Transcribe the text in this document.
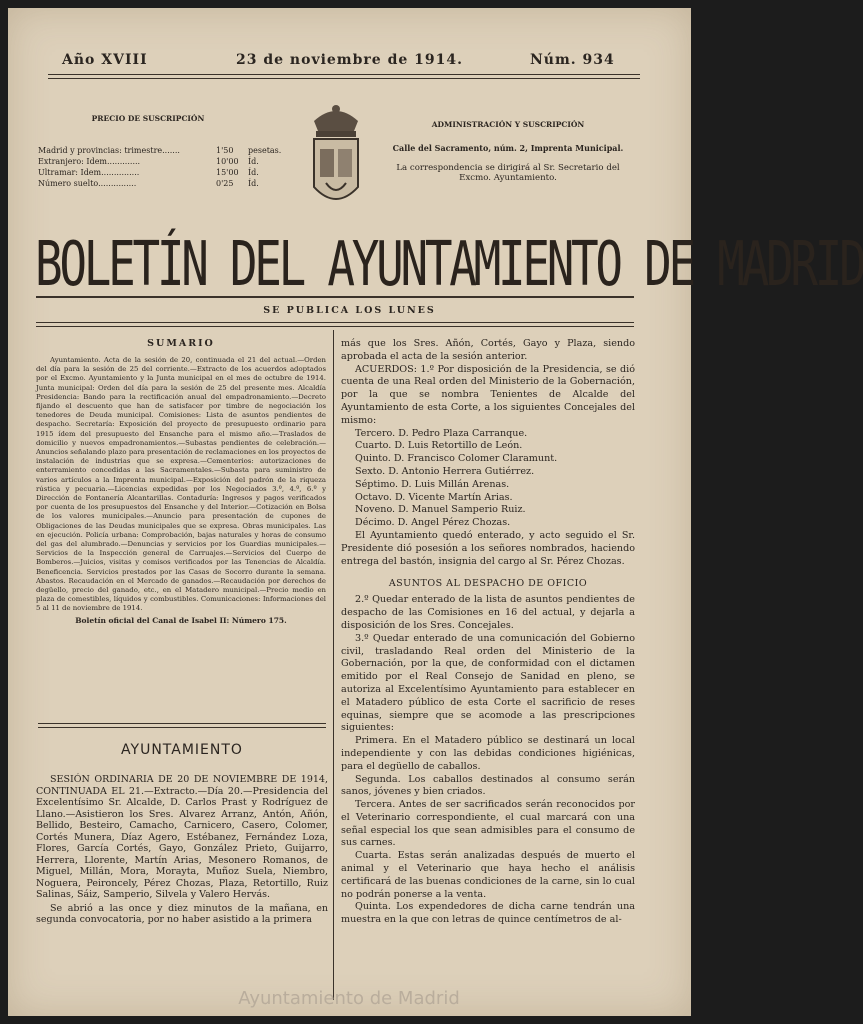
Año XVIII	23 de noviembre de 1914.	Núm. 934
PRECIO DE SUSCRIPCIÓN
Madrid y provincias: trimestre.......	1'50 pesetas.
Extranjero: Idem.............	10'00 Íd.
Ultramar: Idem...............	15'00 Íd.
Número suelto...............	0'25 Íd.
ADMINISTRACIÓN Y SUSCRIPCIÓN
Calle del Sacramento, núm. 2, Imprenta Municipal.
La correspondencia se dirigirá al Sr. Secretario del Excmo. Ayuntamiento.
BOLETÍN DEL AYUNTAMIENTO DE MADRID
SE PUBLICA LOS LUNES
SUMARIO

Ayuntamiento. Acta de la sesión de 20, continuada el 21 del actual.—Orden del día para la sesión de 25 del corriente.—Extracto de los acuerdos adoptados por el Excmo. Ayuntamiento y la Junta municipal en el mes de octubre de 1914. Junta municipal: Orden del día para la sesión de 25 del presente mes. Alcaldía Presidencia: Bando para la rectificación anual del empadronamiento.—Decreto fijando el descuento que han de satisfacer por timbre de negociación los tenedores de Deuda municipal. Comisiones: Lista de asuntos pendientes de despacho. Secretaría: Exposición del proyecto de presupuesto ordinario para 1915 ídem del presupuesto del Ensanche para el mismo año.—Traslados de domicilio y nuevos empadronamientos.—Subastas pendientes de celebración.—Anuncios señalando plazo para presentación de reclamaciones en los proyectos de instalación de industrias que se expresa.—Cementerios: autorizaciones de enterramiento concedidas a las Sacramentales.—Subasta para suministro de varios artículos a la Imprenta municipal.—Exposición del padrón de la riqueza rústica y pecuaria.—Licencias expedidas por los Negociados 3.º, 4.º, 6.º y Dirección de Fontanería Alcantarillas. Contaduría: Ingresos y pagos verificados por cuenta de los presupuestos del Ensanche y del Interior.—Cotización en Bolsa de los valores municipales.—Anuncio para presentación de cupones de Obligaciones de las Deudas municipales que se expresa. Obras municipales. Las en ejecución. Policía urbana: Comprobación, bajas naturales y horas de consumo del gas del alumbrado.—Denuncias y servicios por los Guardias municipales.—Servicios de la Inspección general de Carruajes.—Servicios del Cuerpo de Bomberos.—Juicios, visitas y comisos verificados por las Tenencias de Alcaldía. Beneficencia. Servicios prestados por las Casas de Socorro durante la semana. Abastos. Recaudación en el Mercado de ganados.—Recaudación por derechos de degüello, precio del ganado, etc., en el Matadero municipal.—Precio medio en plaza de comestibles, líquidos y combustibles. Comunicaciones: Informaciones del 5 al 11 de noviembre de 1914.

Boletín oficial del Canal de Isabel II: Número 175.

AYUNTAMIENTO

SESIÓN ORDINARIA DE 20 DE NOVIEMBRE DE 1914, CONTINUADA EL 21.—Extracto.—Día 20.—Presidencia del Excelentísimo Sr. Alcalde, D. Carlos Prast y Rodríguez de Llano.—Asistieron los Sres. Alvarez Arranz, Antón, Añón, Bellido, Besteiro, Camacho, Carnicero, Casero, Colomer, Cortés Munera, Díaz Agero, Estébanez, Fernández Loza, Flores, García Cortés, Gayo, González Prieto, Guijarro, Herrera, Llorente, Martín Arias, Mesonero Romanos, de Miguel, Millán, Mora, Morayta, Muñoz Suela, Niembro, Noguera, Peironcely, Pérez Chozas, Plaza, Retortillo, Ruiz Salinas, Sáiz, Samperio, Silvela y Valero Hervás.

Se abrió a las once y diez minutos de la mañana, en segunda convocatoria, por no haber asistido a la primera

más que los Sres. Añón, Cortés, Gayo y Plaza, siendo aprobada el acta de la sesión anterior.

ACUERDOS: 1.º Por disposición de la Presidencia, se dió cuenta de una Real orden del Ministerio de la Gobernación, por la que se nombra Tenientes de Alcalde del Ayuntamiento de esta Corte, a los siguientes Concejales del mismo:

Tercero. D. Pedro Plaza Carranque.
Cuarto. D. Luis Retortillo de León.
Quinto. D. Francisco Colomer Claramunt.
Sexto. D. Antonio Herrera Gutiérrez.
Séptimo. D. Luis Millán Arenas.
Octavo. D. Vicente Martín Arias.
Noveno. D. Manuel Samperio Ruiz.
Décimo. D. Angel Pérez Chozas.

El Ayuntamiento quedó enterado, y acto seguido el Sr. Presidente dió posesión a los señores nombrados, haciendo entrega del bastón, insignia del cargo al Sr. Pérez Chozas.

ASUNTOS AL DESPACHO DE OFICIO

2.º Quedar enterado de la lista de asuntos pendientes de despacho de las Comisiones en 16 del actual, y dejarla a disposición de los Sres. Concejales.

3.º Quedar enterado de una comunicación del Gobierno civil, trasladando Real orden del Ministerio de la Gobernación, por la que, de conformidad con el dictamen emitido por el Real Consejo de Sanidad en pleno, se autoriza al Excelentísimo Ayuntamiento para establecer en el Matadero público de esta Corte el sacrificio de reses equinas, siempre que se acomode a las prescripciones siguientes:

Primera. En el Matadero público se destinará un local independiente y con las debidas condiciones higiénicas, para el degüello de caballos.

Segunda. Los caballos destinados al consumo serán sanos, jóvenes y bien criados.

Tercera. Antes de ser sacrificados serán reconocidos por el Veterinario correspondiente, el cual marcará con una señal especial los que sean admisibles para el consumo de sus carnes.

Cuarta. Estas serán analizadas después de muerto el animal y el Veterinario que haya hecho el análisis certificará de las buenas condiciones de la carne, sin lo cual no podrán ponerse a la venta.

Quinta. Los expendedores de dicha carne tendrán una muestra en la que con letras de quince centímetros de al-

Ayuntamiento de Madrid
